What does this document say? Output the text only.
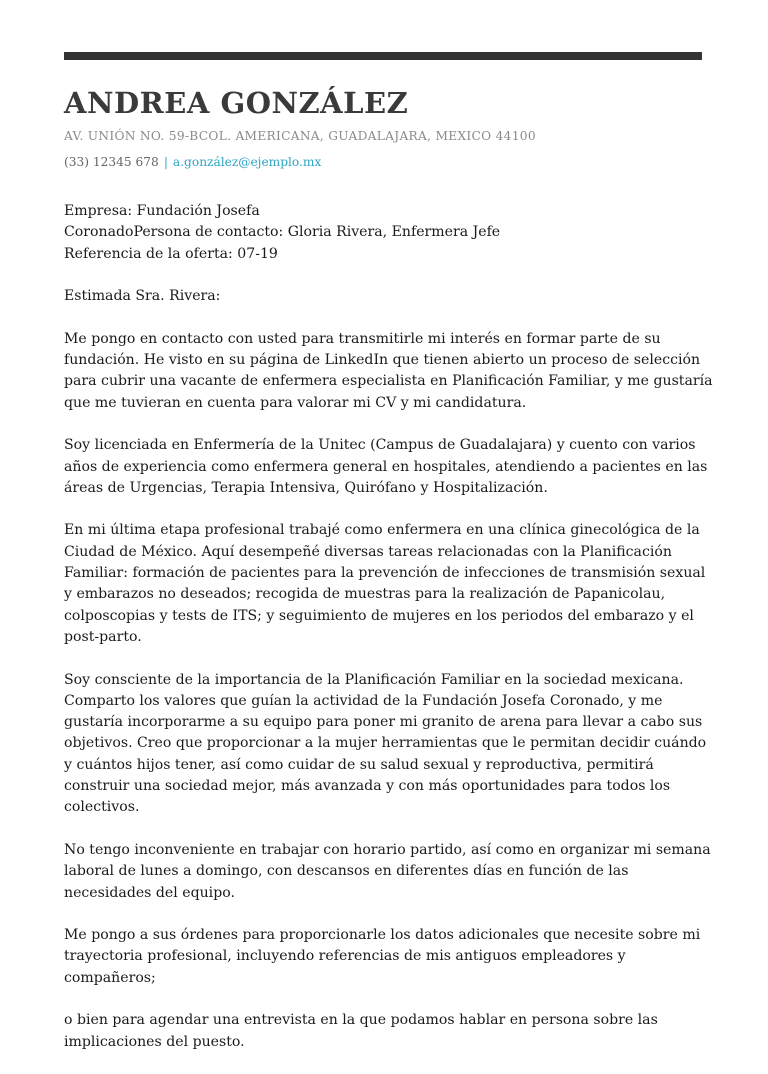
ANDREA GONZÁLEZ
AV. UNIÓN NO. 59-BCOL. AMERICANA, GUADALAJARA, MEXICO 44100
(33) 12345 678 | a.gonzález@ejemplo.mx

Empresa: Fundación Josefa

CoronadoPersona de contacto: Gloria Rivera, Enfermera Jefe

Referencia de la oferta: 07-19

Estimada Sra. Rivera:

Me pongo en contacto con usted para transmitirle mi interés en formar parte de su fundación. He visto en su página de LinkedIn que tienen abierto un proceso de selección para cubrir una vacante de enfermera especialista en Planificación Familiar, y me gustaría que me tuvieran en cuenta para valorar mi CV y mi candidatura.

Soy licenciada en Enfermería de la Unitec (Campus de Guadalajara) y cuento con varios años de experiencia como enfermera general en hospitales, atendiendo a pacientes en las áreas de Urgencias, Terapia Intensiva, Quirófano y Hospitalización.

En mi última etapa profesional trabajé como enfermera en una clínica ginecológica de la Ciudad de México. Aquí desempeñé diversas tareas relacionadas con la Planificación Familiar: formación de pacientes para la prevención de infecciones de transmisión sexual y embarazos no deseados; recogida de muestras para la realización de Papanicolau, colposcopias y tests de ITS; y seguimiento de mujeres en los periodos del embarazo y el post-parto.

Soy consciente de la importancia de la Planificación Familiar en la sociedad mexicana. Comparto los valores que guían la actividad de la Fundación Josefa Coronado, y me gustaría incorporarme a su equipo para poner mi granito de arena para llevar a cabo sus objetivos. Creo que proporcionar a la mujer herramientas que le permitan decidir cuándo y cuántos hijos tener, así como cuidar de su salud sexual y reproductiva, permitirá construir una sociedad mejor, más avanzada y con más oportunidades para todos los colectivos.

No tengo inconveniente en trabajar con horario partido, así como en organizar mi semana laboral de lunes a domingo, con descansos en diferentes días en función de las necesidades del equipo.

Me pongo a sus órdenes para proporcionarle los datos adicionales que necesite sobre mi trayectoria profesional, incluyendo referencias de mis antiguos empleadores y compañeros;

o bien para agendar una entrevista en la que podamos hablar en persona sobre las implicaciones del puesto.
